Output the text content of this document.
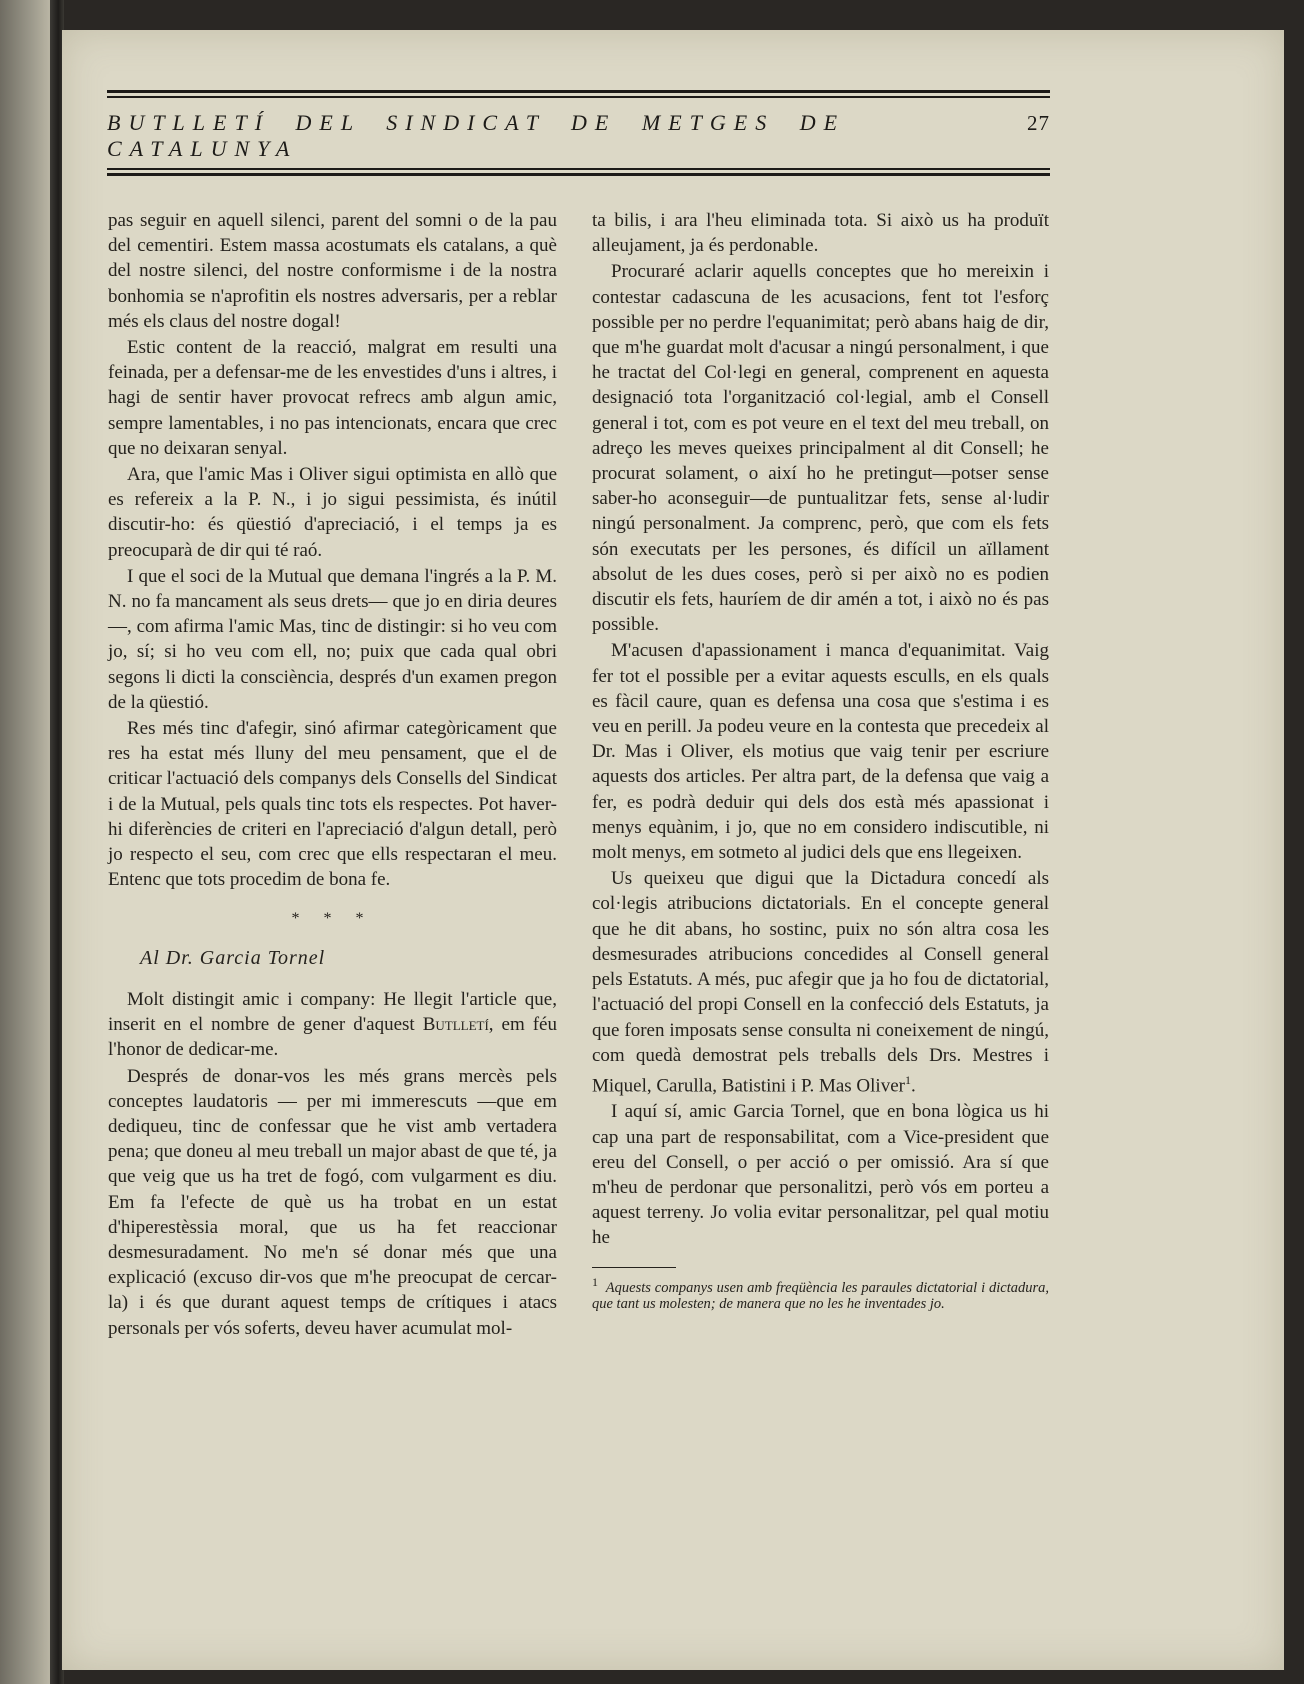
BUTLLETÍ DEL SINDICAT DE METGES DE CATALUNYA
27

pas seguir en aquell silenci, parent del somni o de la pau del cementiri. Estem massa acostumats els catalans, a què del nostre silenci, del nostre conformisme i de la nostra bonhomia se n'aprofitin els nostres adversaris, per a reblar més els claus del nostre dogal!

Estic content de la reacció, malgrat em resulti una feinada, per a defensar-me de les envestides d'uns i altres, i hagi de sentir haver provocat refrecs amb algun amic, sempre lamentables, i no pas intencionats, encara que crec que no deixaran senyal.

Ara, que l'amic Mas i Oliver sigui optimista en allò que es refereix a la P. N., i jo sigui pessimista, és inútil discutir-ho: és qüestió d'apreciació, i el temps ja es preocuparà de dir qui té raó.

I que el soci de la Mutual que demana l'ingrés a la P. M. N. no fa mancament als seus drets— que jo en diria deures—, com afirma l'amic Mas, tinc de distingir: si ho veu com jo, sí; si ho veu com ell, no; puix que cada qual obri segons li dicti la consciència, després d'un examen pregon de la qüestió.

Res més tinc d'afegir, sinó afirmar categòricament que res ha estat més lluny del meu pensament, que el de criticar l'actuació dels companys dels Consells del Sindicat i de la Mutual, pels quals tinc tots els respectes. Pot haver-hi diferències de criteri en l'apreciació d'algun detall, però jo respecto el seu, com crec que ells respectaran el meu. Entenc que tots procedim de bona fe.

* * *
Al Dr. Garcia Tornel

Molt distingit amic i company: He llegit l'article que, inserit en el nombre de gener d'aquest Butlletí, em féu l'honor de dedicar-me.

Després de donar-vos les més grans mercès pels conceptes laudatoris — per mi immerescuts —que em dediqueu, tinc de confessar que he vist amb vertadera pena; que doneu al meu treball un major abast de que té, ja que veig que us ha tret de fogó, com vulgarment es diu. Em fa l'efecte de què us ha trobat en un estat d'hiperestèssia moral, que us ha fet reaccionar desmesuradament. No me'n sé donar més que una explicació (excuso dir-vos que m'he preocupat de cercar-la) i és que durant aquest temps de crítiques i atacs personals per vós soferts, deveu haver acumulat mol-

ta bilis, i ara l'heu eliminada tota. Si això us ha produït alleujament, ja és perdonable.

Procuraré aclarir aquells conceptes que ho mereixin i contestar cadascuna de les acusacions, fent tot l'esforç possible per no perdre l'equanimitat; però abans haig de dir, que m'he guardat molt d'acusar a ningú personalment, i que he tractat del Col·legi en general, comprenent en aquesta designació tota l'organització col·legial, amb el Consell general i tot, com es pot veure en el text del meu treball, on adreço les meves queixes principalment al dit Consell; he procurat solament, o així ho he pretingut—potser sense saber-ho aconseguir—de puntualitzar fets, sense al·ludir ningú personalment. Ja comprenc, però, que com els fets són executats per les persones, és difícil un aïllament absolut de les dues coses, però si per això no es podien discutir els fets, hauríem de dir amén a tot, i això no és pas possible.

M'acusen d'apassionament i manca d'equanimitat. Vaig fer tot el possible per a evitar aquests esculls, en els quals es fàcil caure, quan es defensa una cosa que s'estima i es veu en perill. Ja podeu veure en la contesta que precedeix al Dr. Mas i Oliver, els motius que vaig tenir per escriure aquests dos articles. Per altra part, de la defensa que vaig a fer, es podrà deduir qui dels dos està més apassionat i menys equànim, i jo, que no em considero indiscutible, ni molt menys, em sotmeto al judici dels que ens llegeixen.

Us queixeu que digui que la Dictadura concedí als col·legis atribucions dictatorials. En el concepte general que he dit abans, ho sostinc, puix no són altra cosa les desmesurades atribucions concedides al Consell general pels Estatuts. A més, puc afegir que ja ho fou de dictatorial, l'actuació del propi Consell en la confecció dels Estatuts, ja que foren imposats sense consulta ni coneixement de ningú, com quedà demostrat pels treballs dels Drs. Mestres i Miquel, Carulla, Batistini i P. Mas Oliver$^1$.

I aquí sí, amic Garcia Tornel, que en bona lògica us hi cap una part de responsabilitat, com a Vice-president que ereu del Consell, o per acció o per omissió. Ara sí que m'heu de perdonar que personalitzi, però vós em porteu a aquest terreny. Jo volia evitar personalitzar, pel qual motiu he

$^1$ Aquests companys usen amb freqüència les paraules dictatorial i dictadura, que tant us molesten; de manera que no les he inventades jo.
